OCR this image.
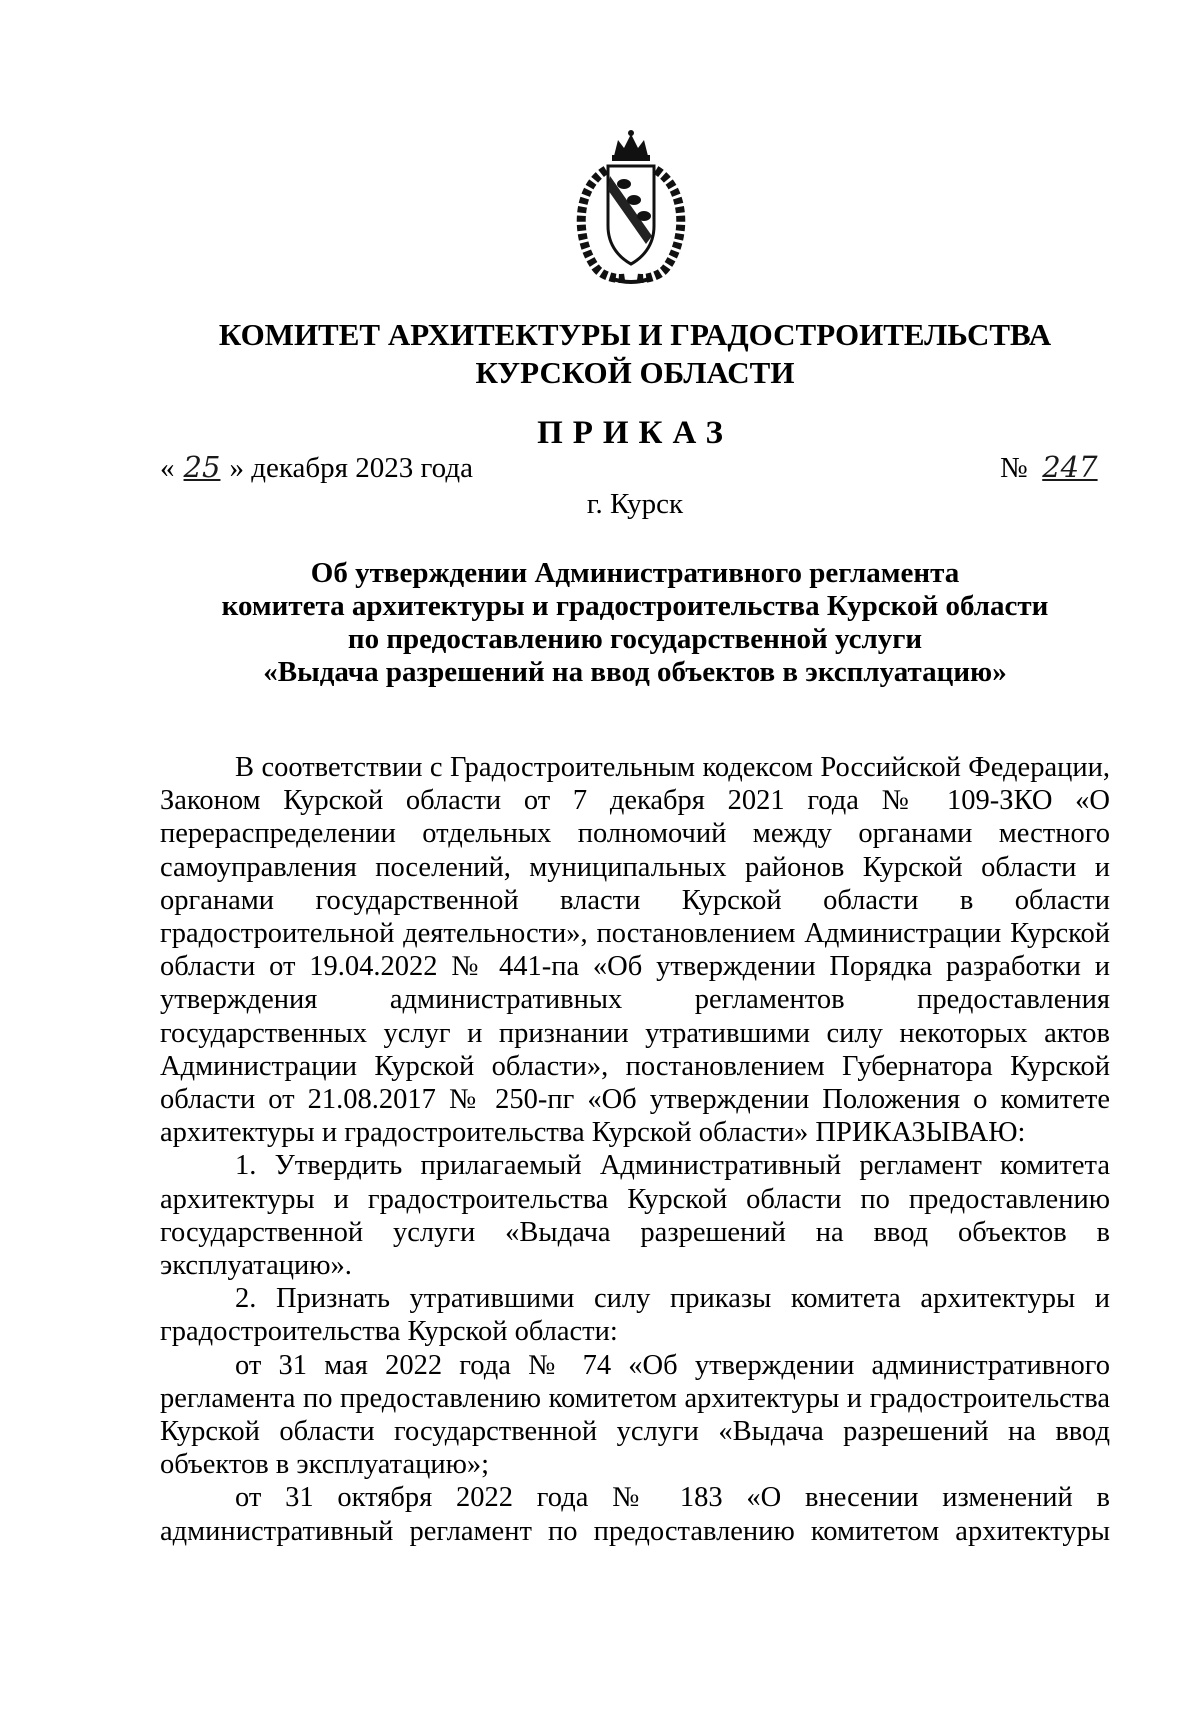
КОМИТЕТ АРХИТЕКТУРЫ И ГРАДОСТРОИТЕЛЬСТВА
КУРСКОЙ ОБЛАСТИ
ПРИКАЗ
« 25 » декабря 2023 года	№ 247
г. Курск
Об утверждении Административного регламента
комитета архитектуры и градостроительства Курской области
по предоставлению государственной услуги
«Выдача разрешений на ввод объектов в эксплуатацию»

В соответствии с Градостроительным кодексом Российской Федерации, Законом Курской области от 7 декабря 2021 года № 109-ЗКО «О перераспределении отдельных полномочий между органами местного самоуправления поселений, муниципальных районов Курской области и органами государственной власти Курской области в области градостроительной деятельности», постановлением Администрации Курской области от 19.04.2022 № 441-па «Об утверждении Порядка разработки и утверждения административных регламентов предоставления государственных услуг и признании утратившими силу некоторых актов Администрации Курской области», постановлением Губернатора Курской области от 21.08.2017 № 250-пг «Об утверждении Положения о комитете архитектуры и градостроительства Курской области» ПРИКАЗЫВАЮ:

1. Утвердить прилагаемый Административный регламент комитета архитектуры и градостроительства Курской области по предоставлению государственной услуги «Выдача разрешений на ввод объектов в эксплуатацию».

2. Признать утратившими силу приказы комитета архитектуры и градостроительства Курской области:

от 31 мая 2022 года № 74 «Об утверждении административного регламента по предоставлению комитетом архитектуры и градостроительства Курской области государственной услуги «Выдача разрешений на ввод объектов в эксплуатацию»;

от 31 октября 2022 года № 183 «О внесении изменений в административный регламент по предоставлению комитетом архитектуры
